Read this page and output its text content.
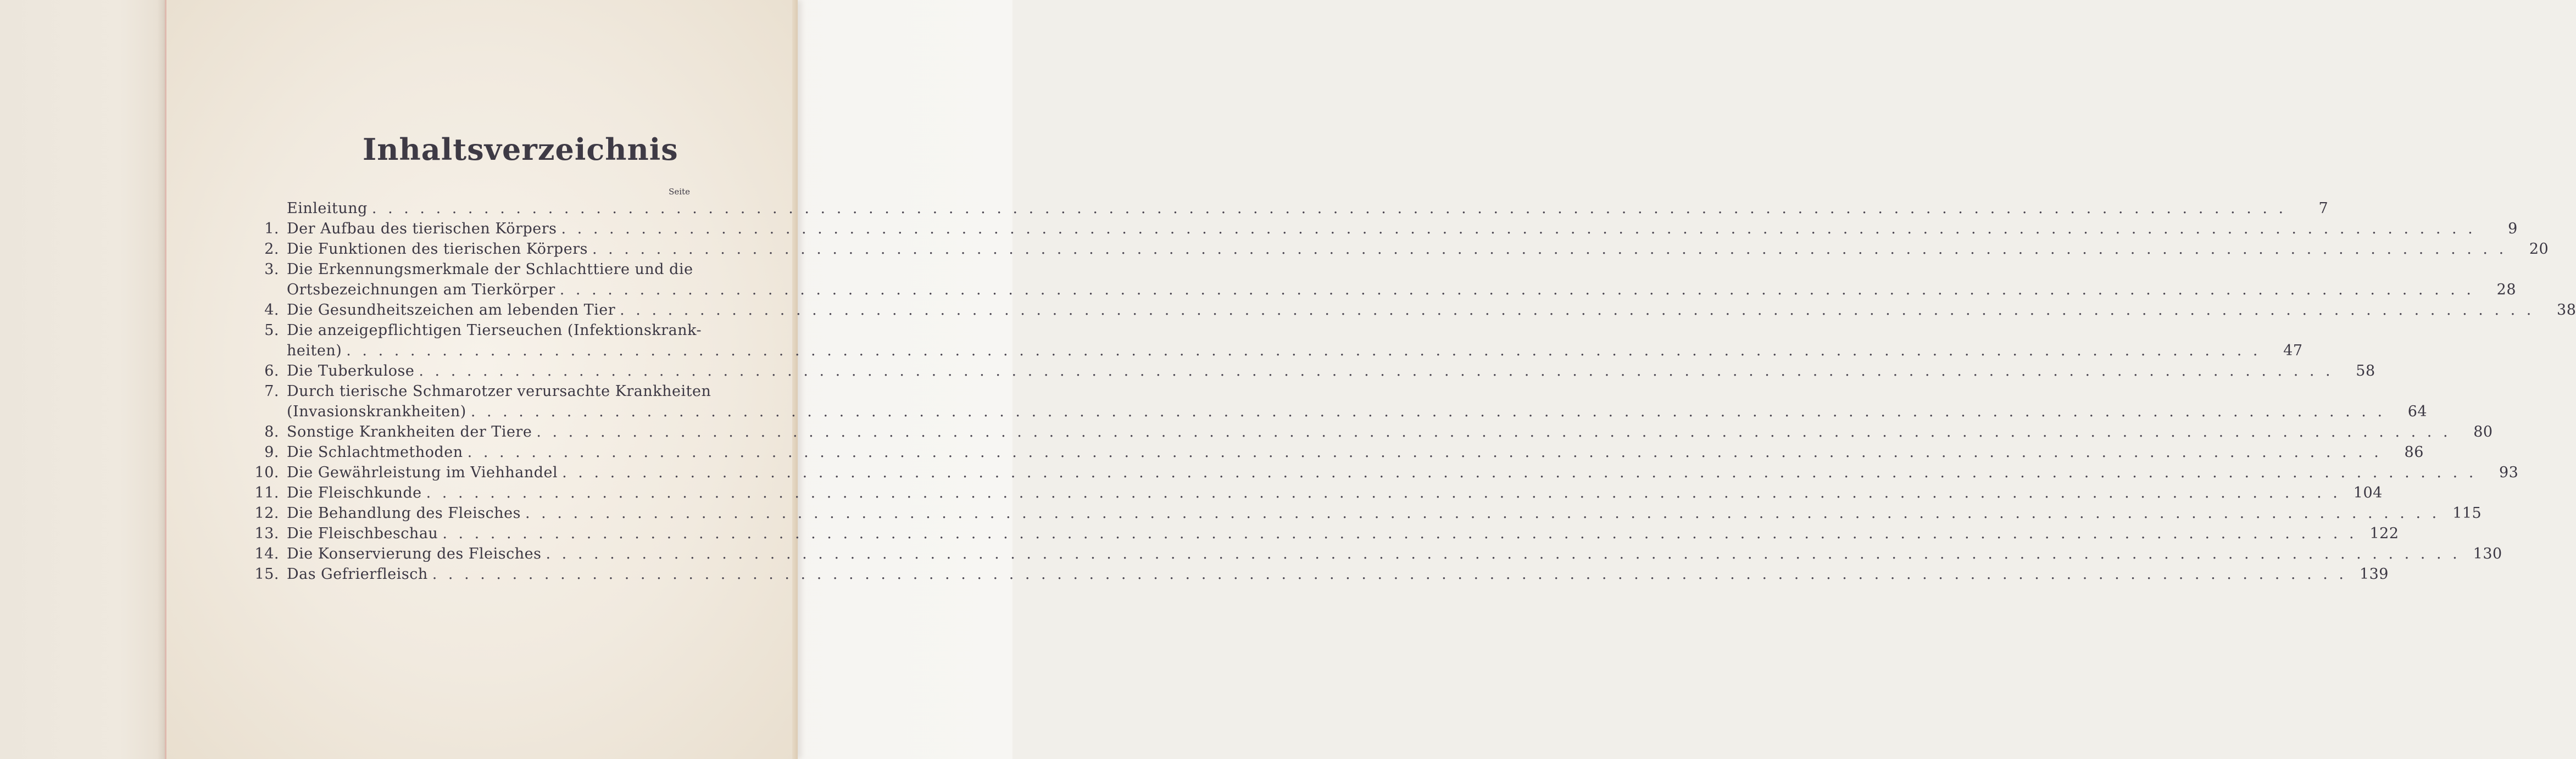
Inhaltsverzeichnis
Seite
Einleitung . . . . . . . . . . . . . . . . . . . . . . . . . . . . . . . . . . . . . . . . . . . . . . . . . . . . . . . . . . . . . . . . . . . . . . . . . . . . . . . . . . . . . . . . . . . . . . . . . . . . . . . . . . . . . . . . . . . . . . . .	7
1. Der Aufbau des tierischen Körpers . . . . . . . . . . . . . . . . . . . . . . . . . . . . . . . . . . . . . . . . . . . . . . . . . . . . . . . . . . . . . . . . . . . . . . . . . . . . . . . . . . . . . . . . . . . . . . . . . . . . . . . . . . . . . . . . . . . . . . . .	9
2. Die Funktionen des tierischen Körpers . . . . . . . . . . . . . . . . . . . . . . . . . . . . . . . . . . . . . . . . . . . . . . . . . . . . . . . . . . . . . . . . . . . . . . . . . . . . . . . . . . . . . . . . . . . . . . . . . . . . . . . . . . . . . . . . . . . . . . . .	20
3. Die Erkennungsmerkmale der Schlachttiere und die
Ortsbezeichnungen am Tierkörper . . . . . . . . . . . . . . . . . . . . . . . . . . . . . . . . . . . . . . . . . . . . . . . . . . . . . . . . . . . . . . . . . . . . . . . . . . . . . . . . . . . . . . . . . . . . . . . . . . . . . . . . . . . . . . . . . . . . . . . .	28
4. Die Gesundheitszeichen am lebenden Tier . . . . . . . . . . . . . . . . . . . . . . . . . . . . . . . . . . . . . . . . . . . . . . . . . . . . . . . . . . . . . . . . . . . . . . . . . . . . . . . . . . . . . . . . . . . . . . . . . . . . . . . . . . . . . . . . . . . . . . . .	38
5. Die anzeigepflichtigen Tierseuchen (Infektionskrank-
heiten) . . . . . . . . . . . . . . . . . . . . . . . . . . . . . . . . . . . . . . . . . . . . . . . . . . . . . . . . . . . . . . . . . . . . . . . . . . . . . . . . . . . . . . . . . . . . . . . . . . . . . . . . . . . . . . . . . . . . . . . .	47
6. Die Tuberkulose . . . . . . . . . . . . . . . . . . . . . . . . . . . . . . . . . . . . . . . . . . . . . . . . . . . . . . . . . . . . . . . . . . . . . . . . . . . . . . . . . . . . . . . . . . . . . . . . . . . . . . . . . . . . . . . . . . . . . . . .	58
7. Durch tierische Schmarotzer verursachte Krankheiten
(Invasionskrankheiten) . . . . . . . . . . . . . . . . . . . . . . . . . . . . . . . . . . . . . . . . . . . . . . . . . . . . . . . . . . . . . . . . . . . . . . . . . . . . . . . . . . . . . . . . . . . . . . . . . . . . . . . . . . . . . . . . . . . . . . . .	64
8. Sonstige Krankheiten der Tiere . . . . . . . . . . . . . . . . . . . . . . . . . . . . . . . . . . . . . . . . . . . . . . . . . . . . . . . . . . . . . . . . . . . . . . . . . . . . . . . . . . . . . . . . . . . . . . . . . . . . . . . . . . . . . . . . . . . . . . . .	80
9. Die Schlachtmethoden . . . . . . . . . . . . . . . . . . . . . . . . . . . . . . . . . . . . . . . . . . . . . . . . . . . . . . . . . . . . . . . . . . . . . . . . . . . . . . . . . . . . . . . . . . . . . . . . . . . . . . . . . . . . . . . . . . . . . . . .	86
10. Die Gewährleistung im Viehhandel . . . . . . . . . . . . . . . . . . . . . . . . . . . . . . . . . . . . . . . . . . . . . . . . . . . . . . . . . . . . . . . . . . . . . . . . . . . . . . . . . . . . . . . . . . . . . . . . . . . . . . . . . . . . . . . . . . . . . . . .	93
11. Die Fleischkunde . . . . . . . . . . . . . . . . . . . . . . . . . . . . . . . . . . . . . . . . . . . . . . . . . . . . . . . . . . . . . . . . . . . . . . . . . . . . . . . . . . . . . . . . . . . . . . . . . . . . . . . . . . . . . . . . . . . . . . . . 104
12. Die Behandlung des Fleisches . . . . . . . . . . . . . . . . . . . . . . . . . . . . . . . . . . . . . . . . . . . . . . . . . . . . . . . . . . . . . . . . . . . . . . . . . . . . . . . . . . . . . . . . . . . . . . . . . . . . . . . . . . . . . . . . . . . . . . . . 115
13. Die Fleischbeschau . . . . . . . . . . . . . . . . . . . . . . . . . . . . . . . . . . . . . . . . . . . . . . . . . . . . . . . . . . . . . . . . . . . . . . . . . . . . . . . . . . . . . . . . . . . . . . . . . . . . . . . . . . . . . . . . . . . . . . . . 122
14. Die Konservierung des Fleisches . . . . . . . . . . . . . . . . . . . . . . . . . . . . . . . . . . . . . . . . . . . . . . . . . . . . . . . . . . . . . . . . . . . . . . . . . . . . . . . . . . . . . . . . . . . . . . . . . . . . . . . . . . . . . . . . . . . . . . . . 130
15. Das Gefrierfleisch . . . . . . . . . . . . . . . . . . . . . . . . . . . . . . . . . . . . . . . . . . . . . . . . . . . . . . . . . . . . . . . . . . . . . . . . . . . . . . . . . . . . . . . . . . . . . . . . . . . . . . . . . . . . . . . . . . . . . . . . 139
